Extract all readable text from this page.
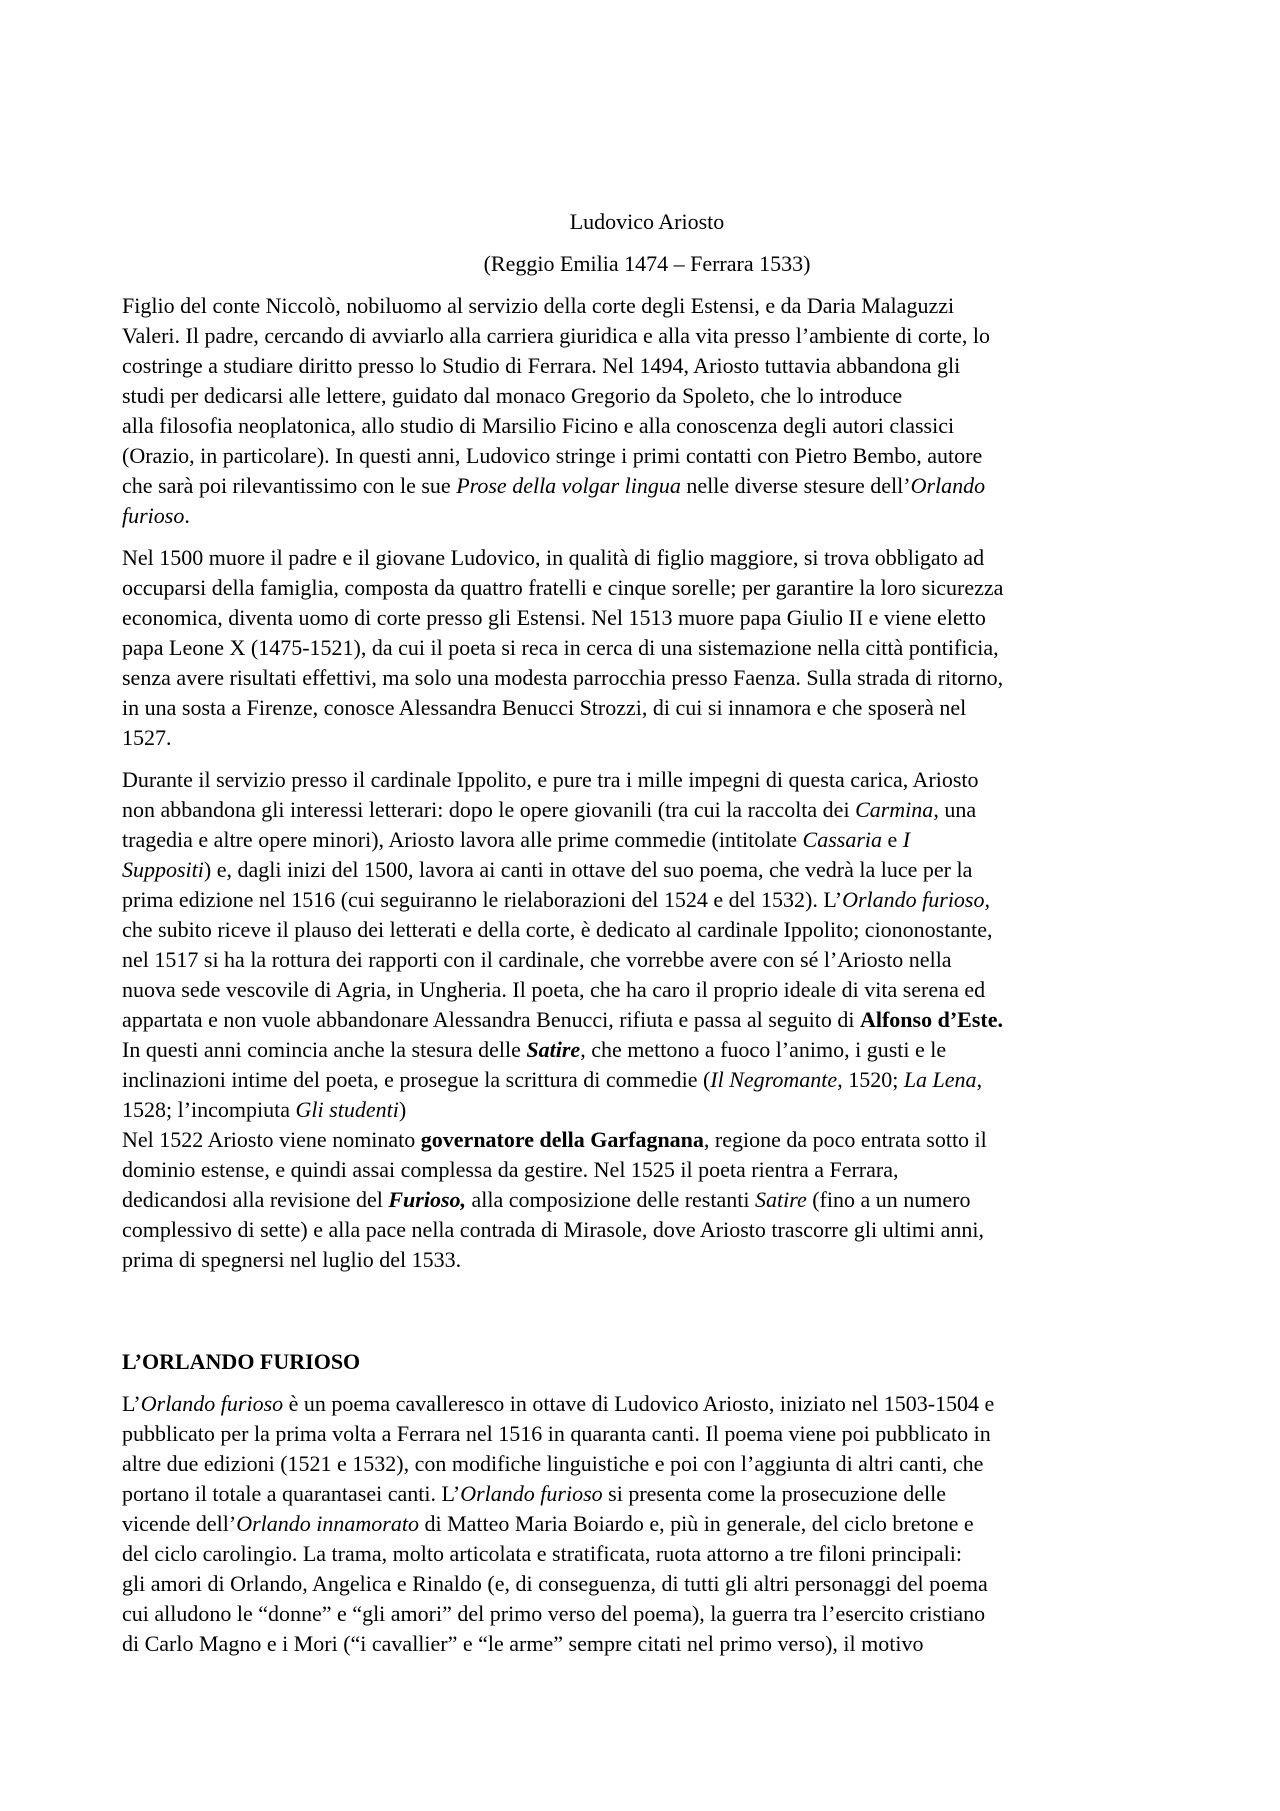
Ludovico Ariosto

(Reggio Emilia 1474 – Ferrara 1533)

Figlio del conte Niccolò, nobiluomo al servizio della corte degli Estensi, e da Daria Malaguzzi
Valeri. Il padre, cercando di avviarlo alla carriera giuridica e alla vita presso l’ambiente di corte, lo
costringe a studiare diritto presso lo Studio di Ferrara. Nel 1494, Ariosto tuttavia abbandona gli
studi per dedicarsi alle lettere, guidato dal monaco Gregorio da Spoleto, che lo introduce
alla filosofia neoplatonica, allo studio di Marsilio Ficino e alla conoscenza degli autori classici
(Orazio, in particolare). In questi anni, Ludovico stringe i primi contatti con Pietro Bembo, autore
che sarà poi rilevantissimo con le sue Prose della volgar lingua nelle diverse stesure dell’Orlando
furioso.

Nel 1500 muore il padre e il giovane Ludovico, in qualità di figlio maggiore, si trova obbligato ad
occuparsi della famiglia, composta da quattro fratelli e cinque sorelle; per garantire la loro sicurezza
economica, diventa uomo di corte presso gli Estensi. Nel 1513 muore papa Giulio II e viene eletto
papa Leone X (1475-1521), da cui il poeta si reca in cerca di una sistemazione nella città pontificia,
senza avere risultati effettivi, ma solo una modesta parrocchia presso Faenza. Sulla strada di ritorno,
in una sosta a Firenze, conosce Alessandra Benucci Strozzi, di cui si innamora e che sposerà nel
1527.

Durante il servizio presso il cardinale Ippolito, e pure tra i mille impegni di questa carica, Ariosto
non abbandona gli interessi letterari: dopo le opere giovanili (tra cui la raccolta dei Carmina, una
tragedia e altre opere minori), Ariosto lavora alle prime commedie (intitolate Cassaria e I
Suppositi) e, dagli inizi del 1500, lavora ai canti in ottave del suo poema, che vedrà la luce per la
prima edizione nel 1516 (cui seguiranno le rielaborazioni del 1524 e del 1532). L’Orlando furioso,
che subito riceve il plauso dei letterati e della corte, è dedicato al cardinale Ippolito; ciononostante,
nel 1517 si ha la rottura dei rapporti con il cardinale, che vorrebbe avere con sé l’Ariosto nella
nuova sede vescovile di Agria, in Ungheria. Il poeta, che ha caro il proprio ideale di vita serena ed
appartata e non vuole abbandonare Alessandra Benucci, rifiuta e passa al seguito di Alfonso d’Este.
In questi anni comincia anche la stesura delle Satire, che mettono a fuoco l’animo, i gusti e le
inclinazioni intime del poeta, e prosegue la scrittura di commedie (Il Negromante, 1520; La Lena,
1528; l’incompiuta Gli studenti)

Nel 1522 Ariosto viene nominato governatore della Garfagnana, regione da poco entrata sotto il
dominio estense, e quindi assai complessa da gestire. Nel 1525 il poeta rientra a Ferrara,
dedicandosi alla revisione del Furioso, alla composizione delle restanti Satire (fino a un numero
complessivo di sette) e alla pace nella contrada di Mirasole, dove Ariosto trascorre gli ultimi anni,
prima di spegnersi nel luglio del 1533.

L’ORLANDO FURIOSO

L’Orlando furioso è un poema cavalleresco in ottave di Ludovico Ariosto, iniziato nel 1503-1504 e
pubblicato per la prima volta a Ferrara nel 1516 in quaranta canti. Il poema viene poi pubblicato in
altre due edizioni (1521 e 1532), con modifiche linguistiche e poi con l’aggiunta di altri canti, che
portano il totale a quarantasei canti. L’Orlando furioso si presenta come la prosecuzione delle
vicende dell’Orlando innamorato di Matteo Maria Boiardo e, più in generale, del ciclo bretone e
del ciclo carolingio. La trama, molto articolata e stratificata, ruota attorno a tre filoni principali:
gli amori di Orlando, Angelica e Rinaldo (e, di conseguenza, di tutti gli altri personaggi del poema
cui alludono le “donne” e “gli amori” del primo verso del poema), la guerra tra l’esercito cristiano
di Carlo Magno e i Mori (“i cavallier” e “le arme” sempre citati nel primo verso), il motivo
